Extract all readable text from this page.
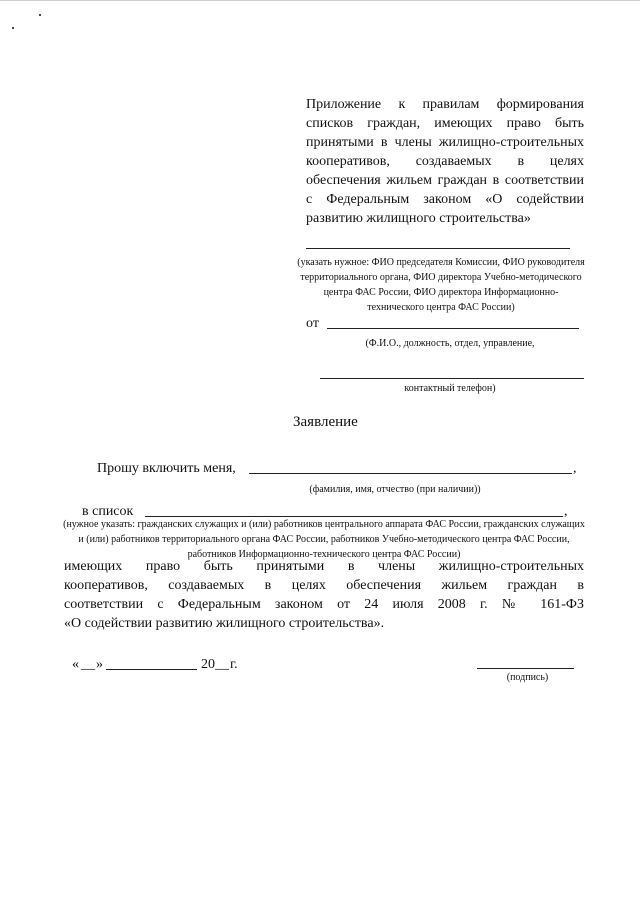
Приложение к правилам формирования списков граждан, имеющих право быть принятыми в члены жилищно-строительных кооперативов, создаваемых в целях обеспечения жильем граждан в соответствии с Федеральным законом «О содействии развитию жилищного строительства»
(указать нужное: ФИО председателя Комиссии, ФИО руководителя территориального органа, ФИО директора Учебно-методического центра ФАС России, ФИО директора Информационно-технического центра ФАС России)
от
(Ф.И.О., должность, отдел, управление,
контактный телефон)
Заявление
Прошу включить меня,	,
(фамилия, имя, отчество (при наличии))
в список	,
(нужное указать: гражданских служащих и (или) работников центрального аппарата ФАС России, гражданских служащих и (или) работников территориального органа ФАС России, работников Учебно-методического центра ФАС России, работников Информационно-технического центра ФАС России)
имеющих право быть принятыми в члены жилищно-строительных
кооперативов, создаваемых в целях обеспечения жильем граждан в
соответствии с Федеральным законом от 24 июля 2008 г. № 161-ФЗ
«О содействии развитию жилищного строительства».
« __ »	20 __ г.
(подпись)
